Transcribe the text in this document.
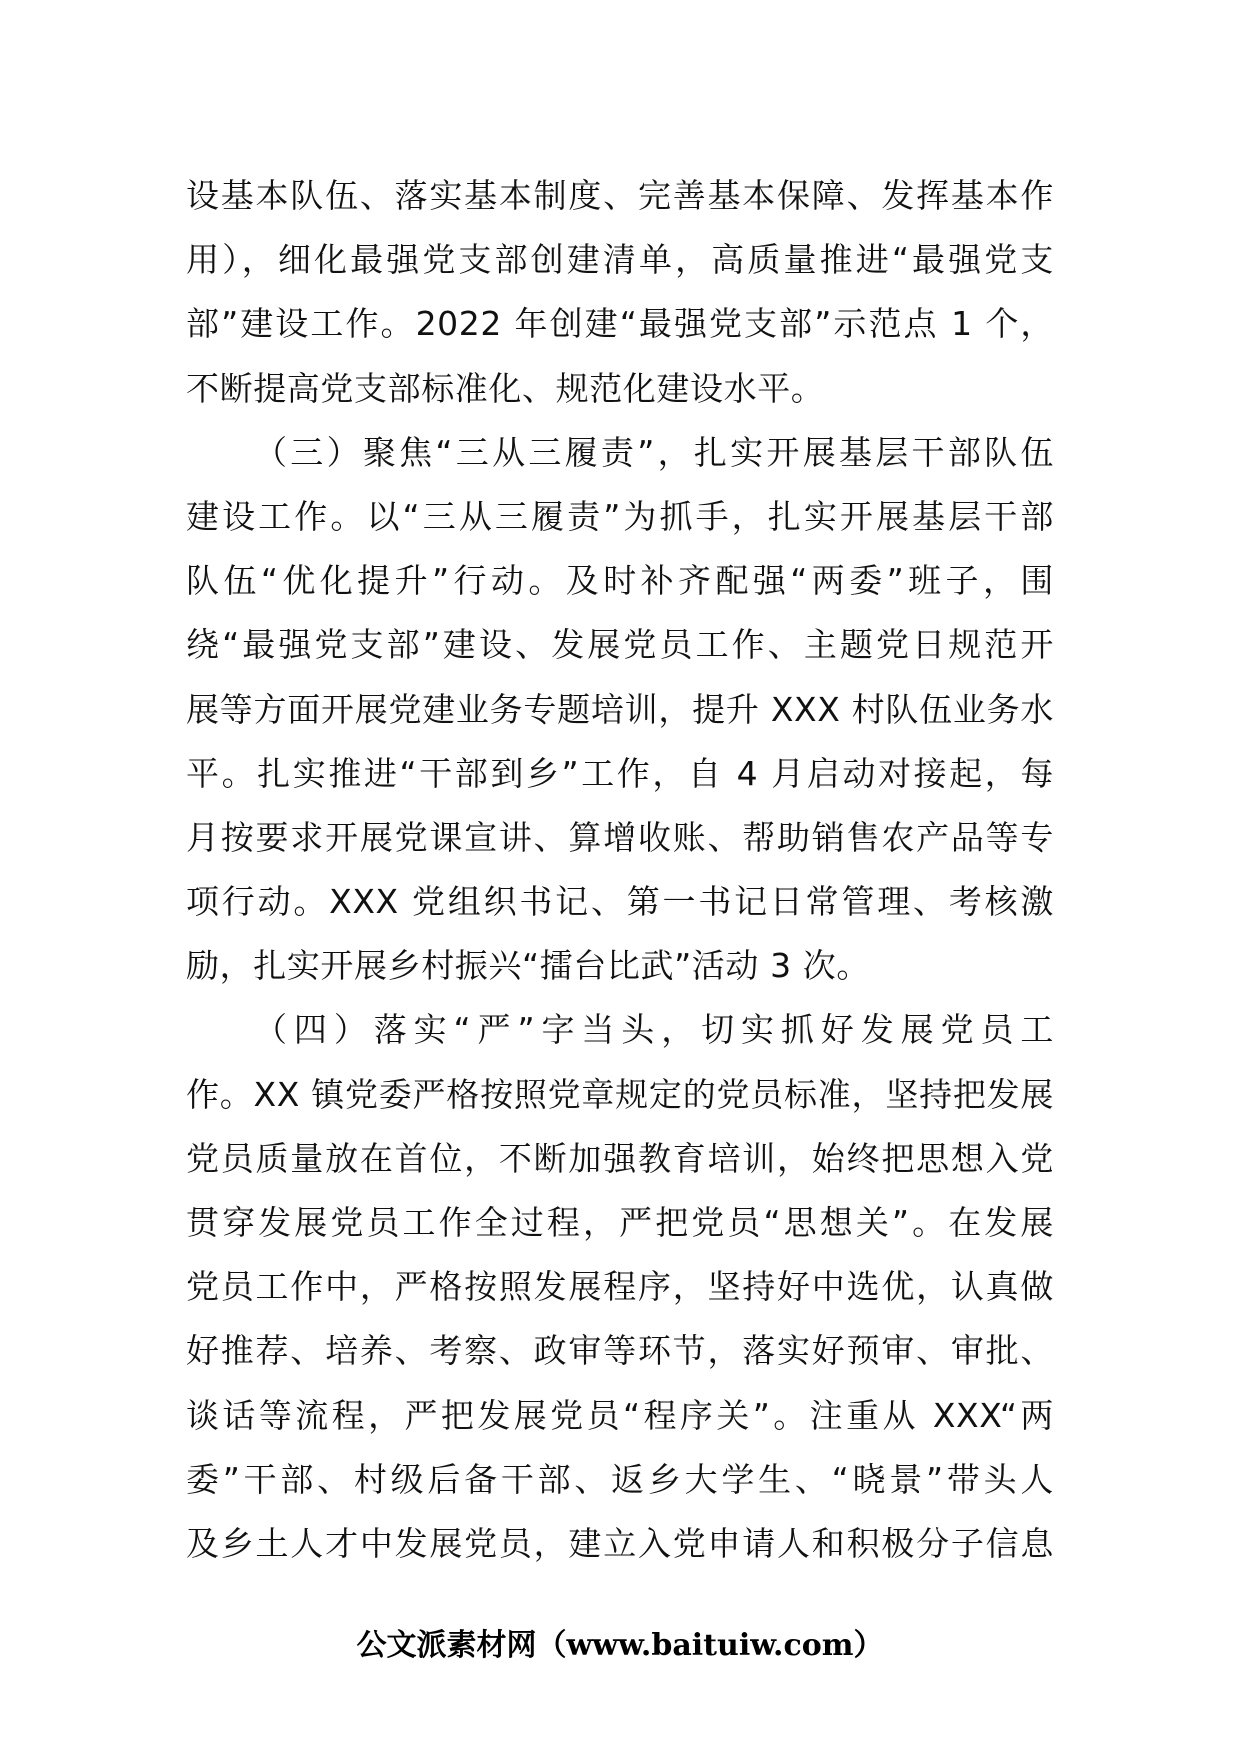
设基本队伍、落实基本制度、完善基本保障、发挥基本作
用），细化最强党支部创建清单，高质量推进“最强党支
部”建设工作。2022 年创建“最强党支部”示范点 1 个，
不断提高党支部标准化、规范化建设水平。
（三）聚焦“三从三履责”，扎实开展基层干部队伍
建设工作。以“三从三履责”为抓手，扎实开展基层干部
队伍“优化提升”行动。及时补齐配强“两委”班子，围
绕“最强党支部”建设、发展党员工作、主题党日规范开
展等方面开展党建业务专题培训，提升 XXX 村队伍业务水
平。扎实推进“干部到乡”工作，自 4 月启动对接起，每
月按要求开展党课宣讲、算增收账、帮助销售农产品等专
项行动。XXX 党组织书记、第一书记日常管理、考核激
励，扎实开展乡村振兴“擂台比武”活动 3 次。
（四）落实“严”字当头，切实抓好发展党员工
作。XX 镇党委严格按照党章规定的党员标准，坚持把发展
党员质量放在首位，不断加强教育培训，始终把思想入党
贯穿发展党员工作全过程，严把党员“思想关”。在发展
党员工作中，严格按照发展程序，坚持好中选优，认真做
好推荐、培养、考察、政审等环节，落实好预审、审批、
谈话等流程，严把发展党员“程序关”。注重从 XXX“两
委”干部、村级后备干部、返乡大学生、“晓景”带头人
及乡土人才中发展党员，建立入党申请人和积极分子信息
公文派素材网（www.baituiw.com）
